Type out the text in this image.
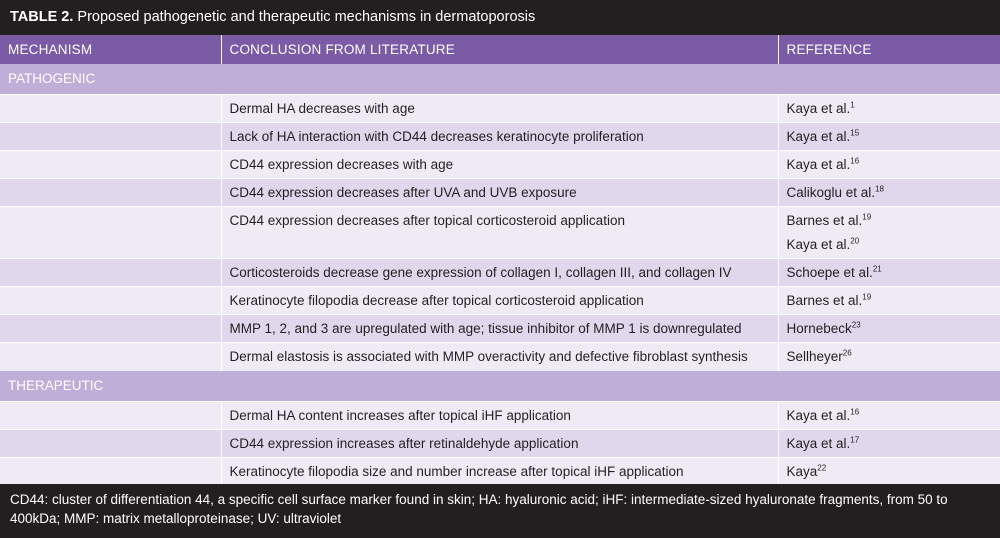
TABLE 2. Proposed pathogenetic and therapeutic mechanisms in dermatoporosis
MECHANISM	CONCLUSION FROM LITERATURE	REFERENCE
PATHOGENIC		
	Dermal HA decreases with age	Kaya et al.$^1$
	Lack of HA interaction with CD44 decreases keratinocyte proliferation	Kaya et al.$^{15}$
	CD44 expression decreases with age	Kaya et al.$^{16}$
	CD44 expression decreases after UVA and UVB exposure	Calikoglu et al.$^{18}$
	CD44 expression decreases after topical corticosteroid application	Barnes et al.$^{19}$
Kaya et al.$^{20}$

	Corticosteroids decrease gene expression of collagen I, collagen III, and collagen IV	Schoepe et al.$^{21}$
	Keratinocyte filopodia decrease after topical corticosteroid application	Barnes et al.$^{19}$
	MMP 1, 2, and 3 are upregulated with age; tissue inhibitor of MMP 1 is downregulated	Hornebeck$^{23}$
	Dermal elastosis is associated with MMP overactivity and defective fibroblast synthesis	Sellheyer$^{26}$
THERAPEUTIC		
	Dermal HA content increases after topical iHF application	Kaya et al.$^{16}$
	CD44 expression increases after retinaldehyde application	Kaya et al.$^{17}$
	Keratinocyte filopodia size and number increase after topical iHF application	Kaya$^{22}$
CD44: cluster of differentiation 44, a specific cell surface marker found in skin; HA: hyaluronic acid; iHF: intermediate-sized hyaluronate fragments, from 50 to 400kDa; MMP: matrix metalloproteinase; UV: ultraviolet
